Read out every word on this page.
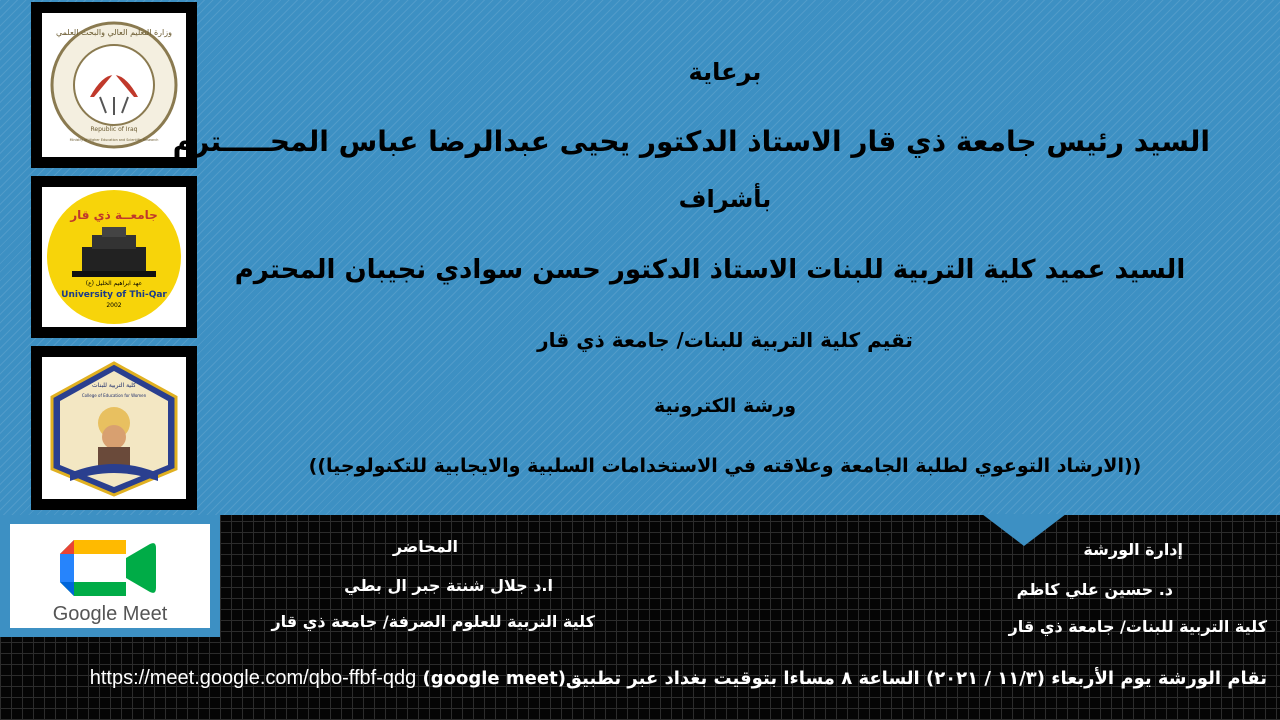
وزارة التعليم العالي والبحث العلمي
Republic of Iraq
Ministry of Higher Education and Scientific Research
جامعــة ذي قار
عهد ابراهيم الخليل (ع)
University of Thi-Qar
2002
كلية التربية للبنات
College of Education for Women
برعاية
السيد رئيس جامعة ذي قار الاستاذ الدكتور يحيى عبدالرضا عباس المحـــــترم
بأشراف
السيد عميد كلية التربية للبنات الاستاذ الدكتور حسن سوادي نجيبان المحترم
تقيم كلية التربية للبنات/ جامعة ذي قار
ورشة الكترونية
((الارشاد التوعوي لطلبة الجامعة وعلاقته في الاستخدامات السلبية والايجابية للتكنولوجيا))
Google Meet
المحاضر
ا.د جلال شنتة جبر ال بطي
كلية التربية للعلوم الصرفة/ جامعة ذي قار
إدارة الورشة
د. حسين علي كاظم
كلية التربية للبنات/ جامعة ذي قار
تقام الورشة يوم الأربعاء (١١/٣ / ٢٠٢١) الساعة ٨ مساءا بتوقيت بغداد عبر تطبيق(google meet) https://meet.google.com/qbo-ffbf-qdg
